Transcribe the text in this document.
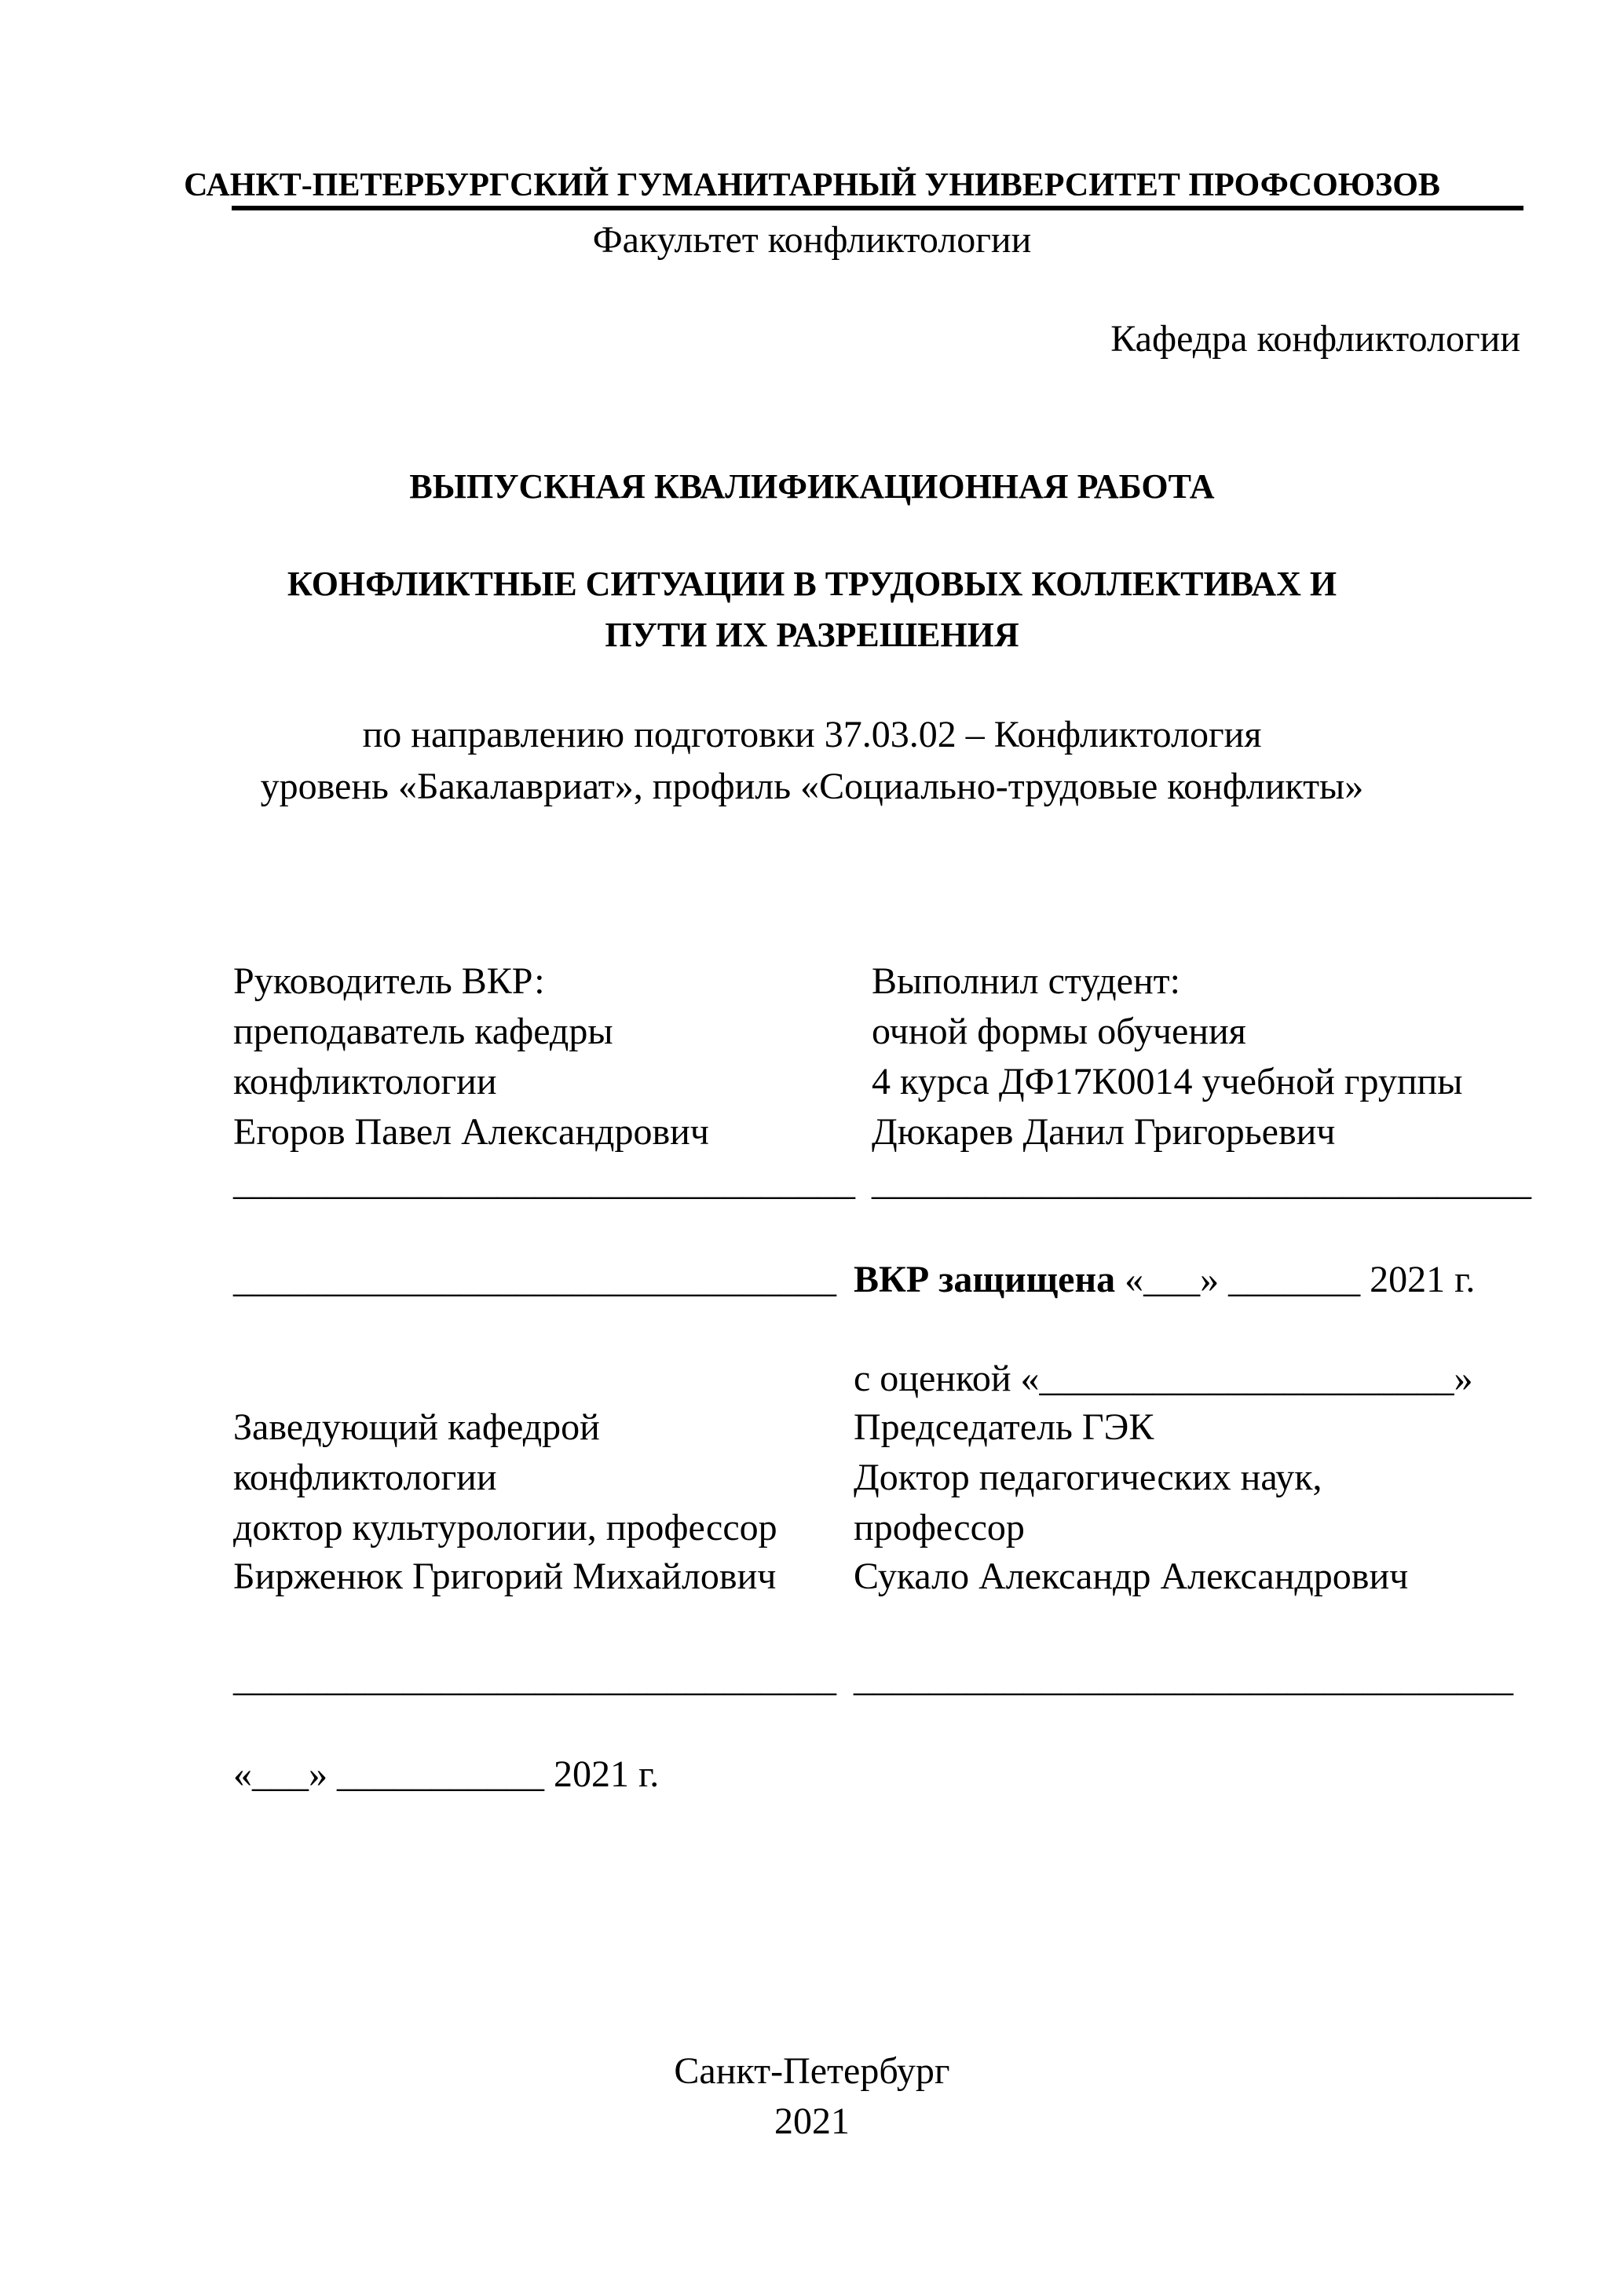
САНКТ-ПЕТЕРБУРГСКИЙ ГУМАНИТАРНЫЙ УНИВЕРСИТЕТ ПРОФСОЮЗОВ
Факультет конфликтологии
Кафедра конфликтологии
ВЫПУСКНАЯ КВАЛИФИКАЦИОННАЯ РАБОТА
КОНФЛИКТНЫЕ СИТУАЦИИ В ТРУДОВЫХ КОЛЛЕКТИВАХ И
ПУТИ ИХ РАЗРЕШЕНИЯ
по направлению подготовки 37.03.02 – Конфликтология
уровень «Бакалавриат», профиль «Социально-трудовые конфликты»
Руководитель ВКР:
преподаватель кафедры
конфликтологии
Егоров Павел Александрович
_________________________________
________________________________
Выполнил студент:
очной формы обучения
4 курса ДФ17К0014 учебной группы
Дюкарев Данил Григорьевич
___________________________________
ВКР защищена «___» _______ 2021 г.
с оценкой «______________________»
Заведующий кафедрой
конфликтологии
доктор культурологии, профессор
Бирженюк Григорий Михайлович
________________________________
«___» ___________ 2021 г.
Председатель ГЭК
Доктор педагогических наук,
профессор
Сукало Александр Александрович
___________________________________
Санкт-Петербург
2021
